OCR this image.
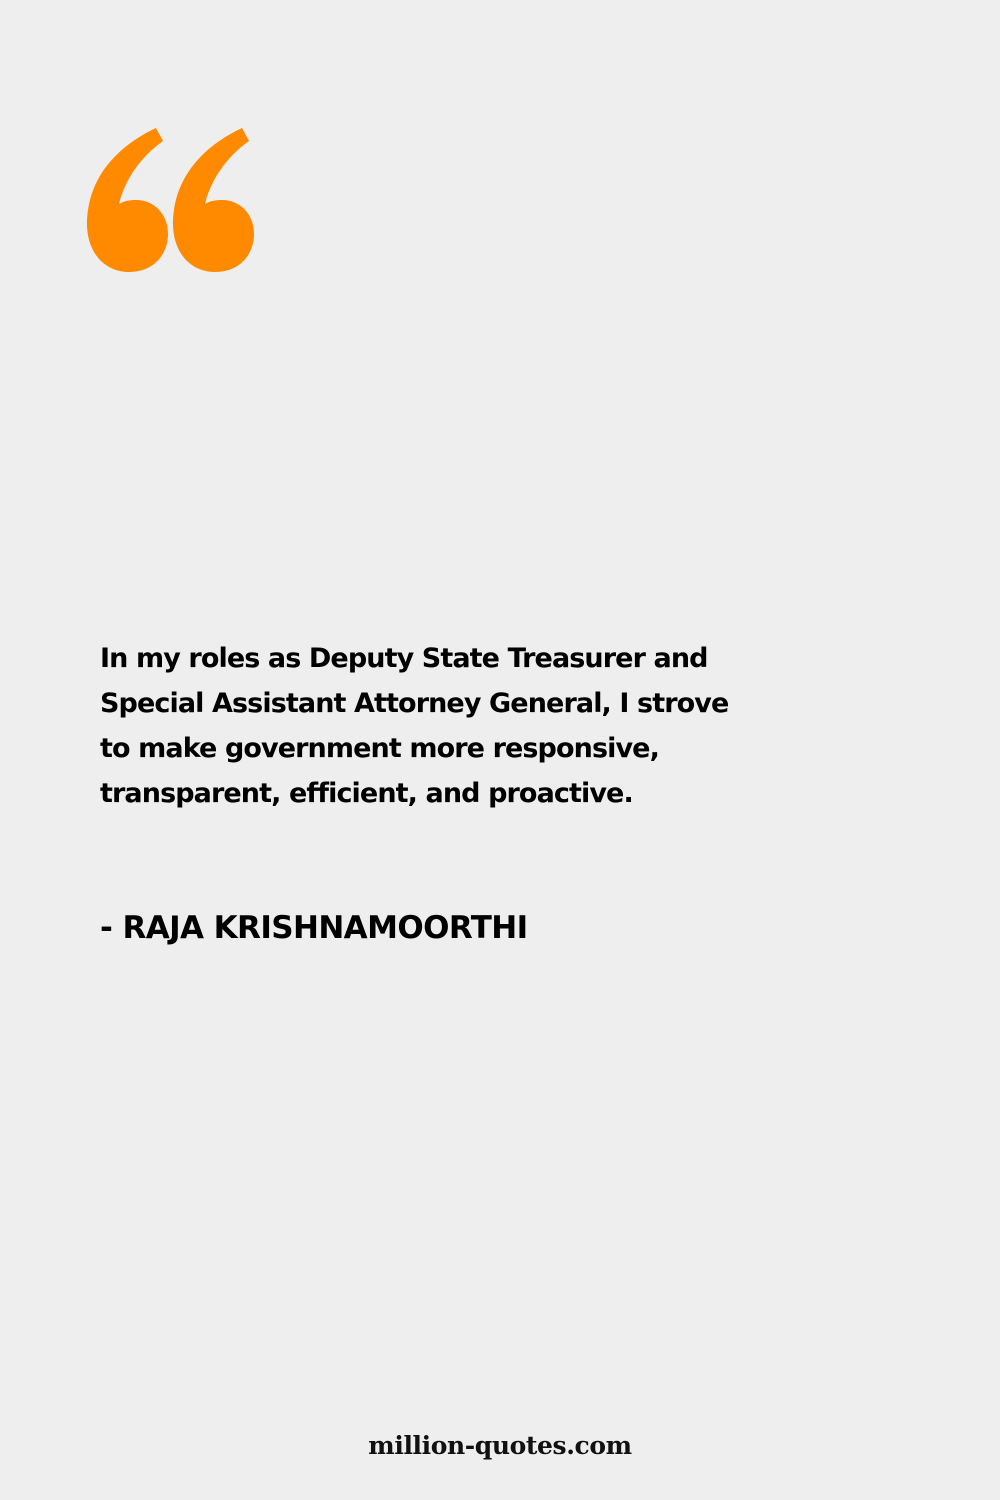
In my roles as Deputy State Treasurer and
Special Assistant Attorney General, I strove
to make government more responsive,
transparent, efficient, and proactive.

- RAJA KRISHNAMOORTHI

million-quotes.com
